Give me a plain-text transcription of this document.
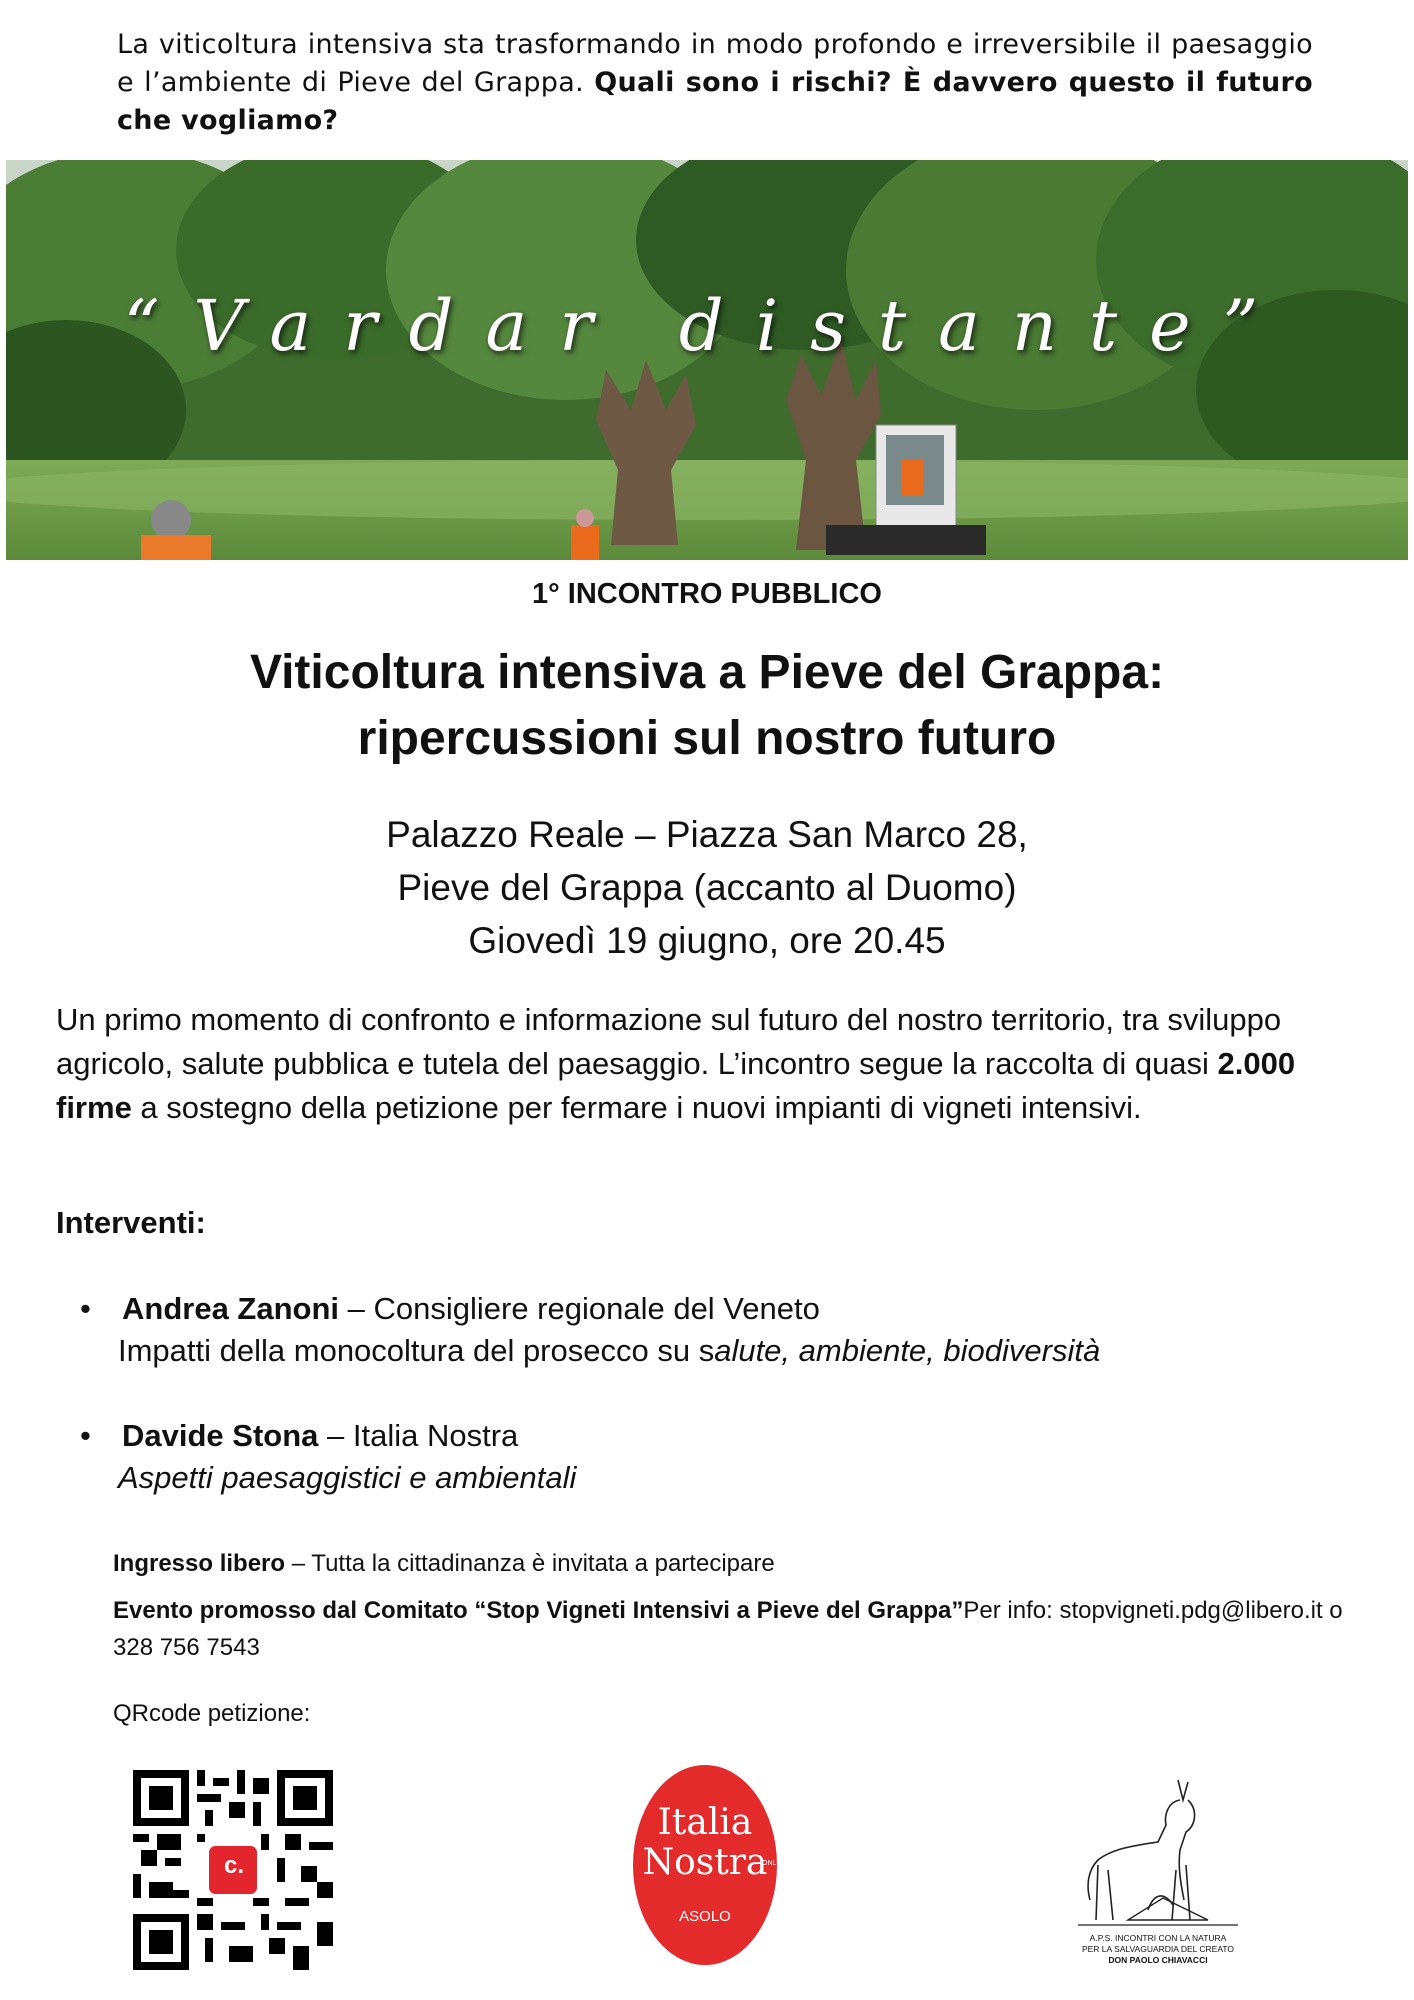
La viticoltura intensiva sta trasformando in modo profondo e irreversibile il paesaggio e l’ambiente di Pieve del Grappa. Quali sono i rischi? È davvero questo il futuro che vogliamo?
“Vardar distante”
1° INCONTRO PUBBLICO
Viticoltura intensiva a Pieve del Grappa:
ripercussioni sul nostro futuro
Palazzo Reale – Piazza San Marco 28,
Pieve del Grappa (accanto al Duomo)
Giovedì 19 giugno, ore 20.45
Un primo momento di confronto e informazione sul futuro del nostro territorio, tra sviluppo agricolo, salute pubblica e tutela del paesaggio. L’incontro segue la raccolta di quasi 2.000 firme a sostegno della petizione per fermare i nuovi impianti di vigneti intensivi.
Interventi:
•	Andrea Zanoni – Consigliere regionale del Veneto
Impatti della monocoltura del prosecco su salute, ambiente, biodiversità
•	Davide Stona – Italia Nostra
Aspetti paesaggistici e ambientali
Ingresso libero – Tutta la cittadinanza è invitata a partecipare
Evento promosso dal Comitato “Stop Vigneti Intensivi a Pieve del Grappa”Per info: stopvigneti.pdg@libero.it o 328 756 7543
QRcode petizione:
c.
Italia
Nostra
ONLUS
ASOLO
A.P.S. INCONTRI CON LA NATURA
PER LA SALVAGUARDIA DEL CREATO
DON PAOLO CHIAVACCI
